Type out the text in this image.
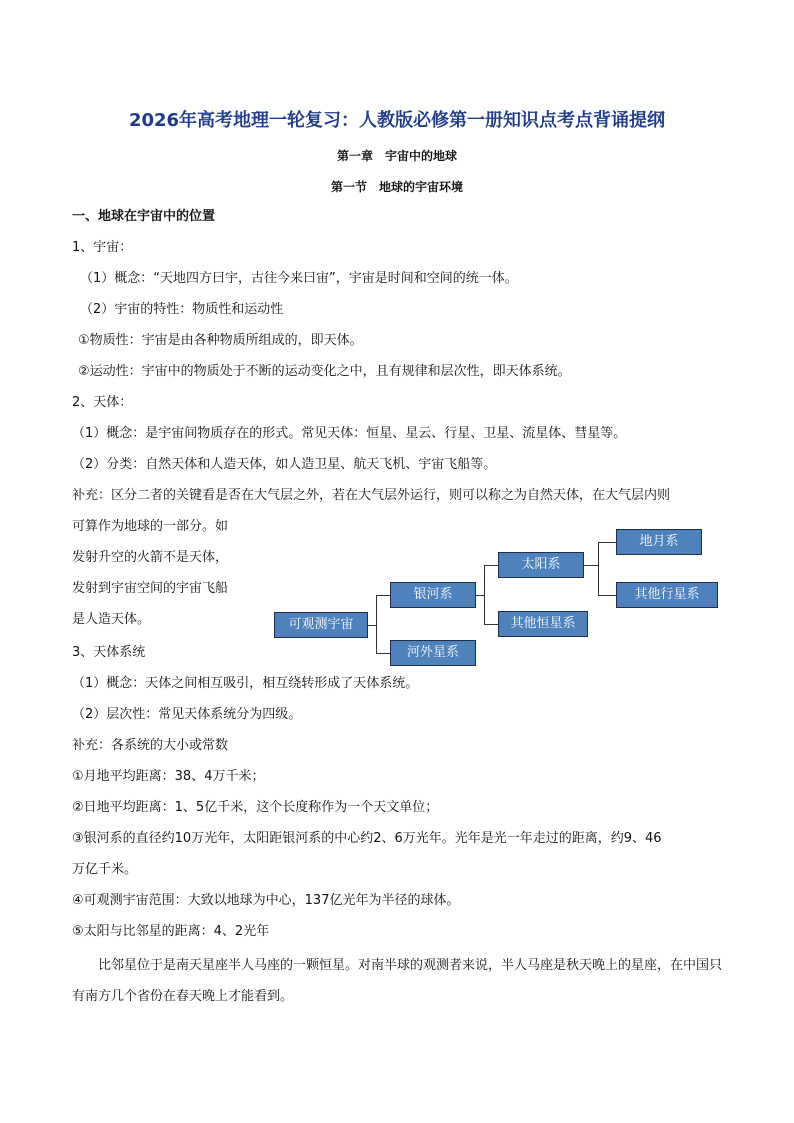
2026年高考地理一轮复习：人教版必修第一册知识点考点背诵提纲
第一章　宇宙中的地球
第一节　地球的宇宙环境
一、地球在宇宙中的位置
1、宇宙：
（1）概念：“天地四方曰宇，古往今来曰宙”，宇宙是时间和空间的统一体。
（2）宇宙的特性：物质性和运动性
①物质性：宇宙是由各种物质所组成的，即天体。
②运动性：宇宙中的物质处于不断的运动变化之中，且有规律和层次性，即天体系统。
2、天体：
（1）概念：是宇宙间物质存在的形式。常见天体：恒星、星云、行星、卫星、流星体、彗星等。
（2）分类：自然天体和人造天体，如人造卫星、航天飞机、宇宙飞船等。
补充：区分二者的关键看是否在大气层之外，若在大气层外运行，则可以称之为自然天体，在大气层内则
可算作为地球的一部分。如
发射升空的火箭不是天体，
发射到宇宙空间的宇宙飞船
是人造天体。
3、天体系统
（1）概念：天体之间相互吸引，相互绕转形成了天体系统。
（2）层次性：常见天体系统分为四级。
补充：各系统的大小或常数
①月地平均距离：38、4万千米；
②日地平均距离：1、5亿千米，这个长度称作为一个天文单位；
③银河系的直径约10万光年，太阳距银河系的中心约2、6万光年。光年是光一年走过的距离，约9、46
万亿千米。
④可观测宇宙范围：大致以地球为中心，137亿光年为半径的球体。
⑤太阳与比邻星的距离：4、2光年
比邻星位于是南天星座半人马座的一颗恒星。对南半球的观测者来说，半人马座是秋天晚上的星座，在中国只有南方几个省份在春天晚上才能看到。
可观测宇宙
银河系
河外星系
太阳系
其他恒星系
地月系
其他行星系
